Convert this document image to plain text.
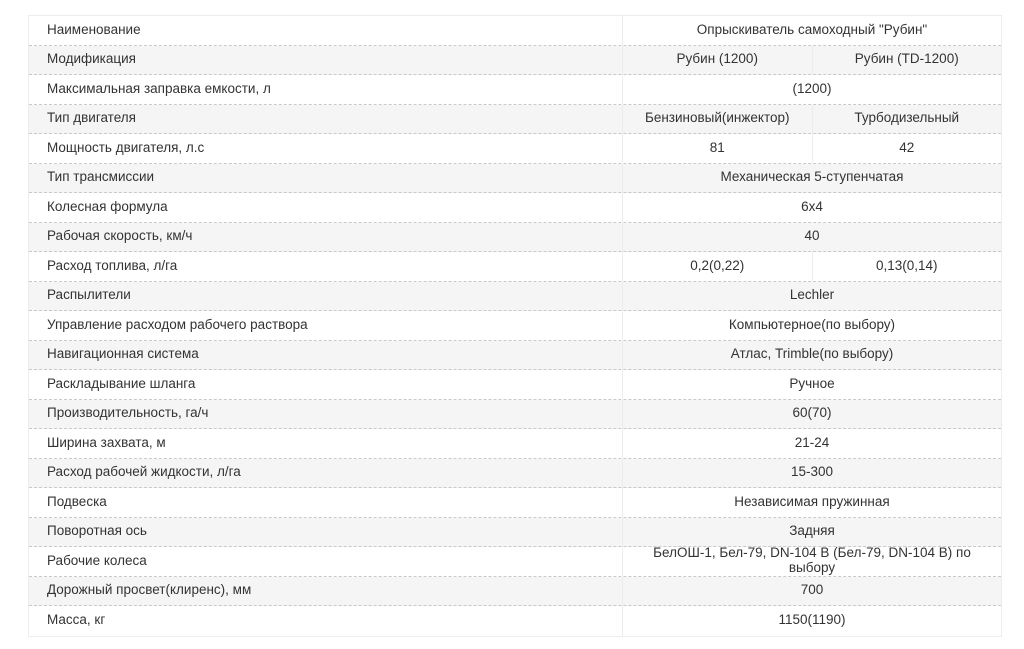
Наименование	Опрыскиватель самоходный "Рубин"
Модификация	Рубин (1200)	Рубин (TD-1200)
Максимальная заправка емкости, л	(1200)
Тип двигателя	Бензиновый(инжектор)	Турбодизельный
Мощность двигателя, л.с	81	42
Тип трансмиссии	Механическая 5-ступенчатая
Колесная формула	6x4
Рабочая скорость, км/ч	40
Расход топлива, л/га	0,2(0,22)	0,13(0,14)
Распылители	Lechler
Управление расходом рабочего раствора	Компьютерное(по выбору)
Навигационная система	Атлас, Trimble(по выбору)
Раскладывание шланга	Ручное
Производительность, га/ч	60(70)
Ширина захвата, м	21-24
Расход рабочей жидкости, л/га	15-300
Подвеска	Независимая пружинная
Поворотная ось	Задняя
Рабочие колеса	БелОШ-1, Бел-79, DN-104 В (Бел-79, DN-104 В) по выбору
Дорожный просвет(клиренс), мм	700
Масса, кг	1150(1190)
